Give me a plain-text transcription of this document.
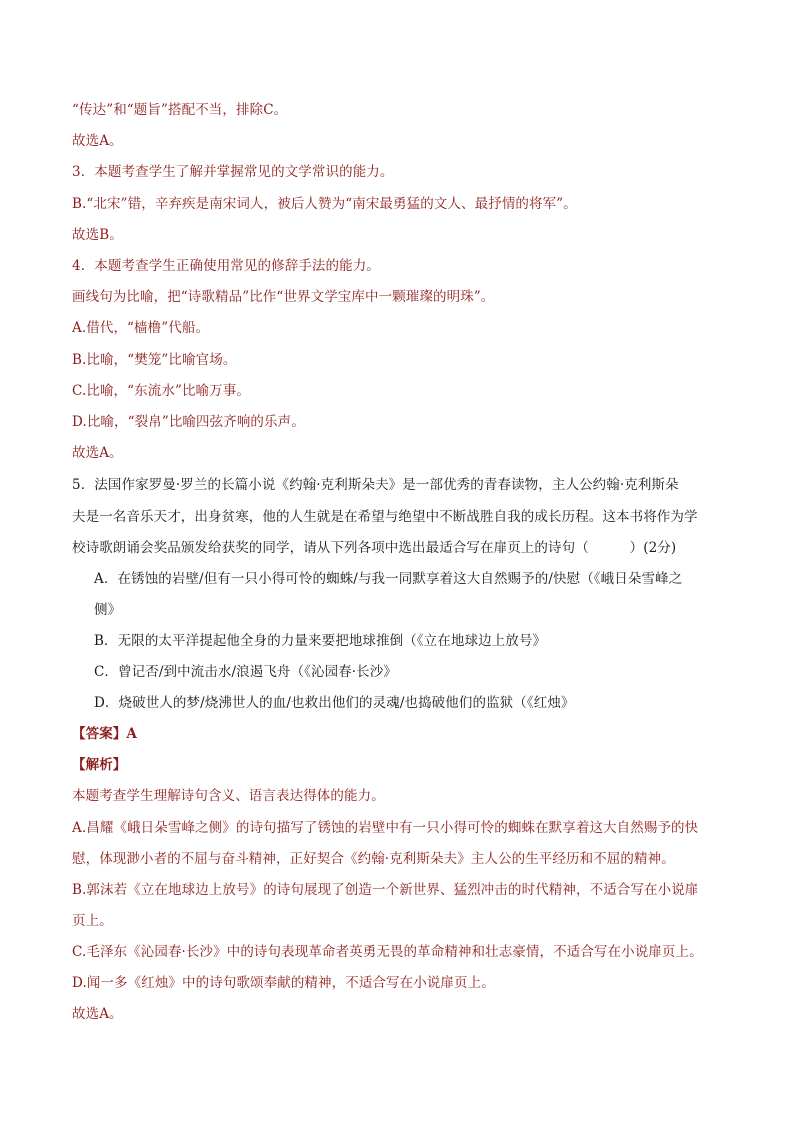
“传达”和“题旨”搭配不当，排除C。
故选A。
3．本题考查学生了解并掌握常见的文学常识的能力。
B.“北宋”错，辛弃疾是南宋词人，被后人赞为“南宋最勇猛的文人、最抒情的将军”。
故选B。
4．本题考查学生正确使用常见的修辞手法的能力。
画线句为比喻，把“诗歌精品”比作“世界文学宝库中一颗璀璨的明珠”。
A.借代，“樯橹”代船。
B.比喻，“樊笼”比喻官场。
C.比喻，“东流水”比喻万事。
D.比喻，“裂帛”比喻四弦齐响的乐声。
故选A。
5．法国作家罗曼·罗兰的长篇小说《约翰·克利斯朵夫》是一部优秀的青春读物，主人公约翰·克利斯朵
夫是一名音乐天才，出身贫寒，他的人生就是在希望与绝望中不断战胜自我的成长历程。这本书将作为学
校诗歌朗诵会奖品颁发给获奖的同学，请从下列各项中选出最适合写在扉页上的诗句（　　　）(2分)
A．在锈蚀的岩壁/但有一只小得可怜的蜘蛛/与我一同默享着这大自然赐予的/快慰（《峨日朵雪峰之
侧》
B．无限的太平洋提起他全身的力量来要把地球推倒（《立在地球边上放号》
C．曾记否/到中流击水/浪遏飞舟（《沁园春·长沙》
D．烧破世人的梦/烧沸世人的血/也救出他们的灵魂/也捣破他们的监狱（《红烛》
【答案】A
【解析】
本题考查学生理解诗句含义、语言表达得体的能力。
A.昌耀《峨日朵雪峰之侧》的诗句描写了锈蚀的岩壁中有一只小得可怜的蜘蛛在默享着这大自然赐予的快
慰，体现渺小者的不屈与奋斗精神，正好契合《约翰·克利斯朵夫》主人公的生平经历和不屈的精神。
B.郭沫若《立在地球边上放号》的诗句展现了创造一个新世界、猛烈冲击的时代精神，不适合写在小说扉
页上。
C.毛泽东《沁园春·长沙》中的诗句表现革命者英勇无畏的革命精神和壮志豪情，不适合写在小说扉页上。
D.闻一多《红烛》中的诗句歌颂奉献的精神，不适合写在小说扉页上。
故选A。
